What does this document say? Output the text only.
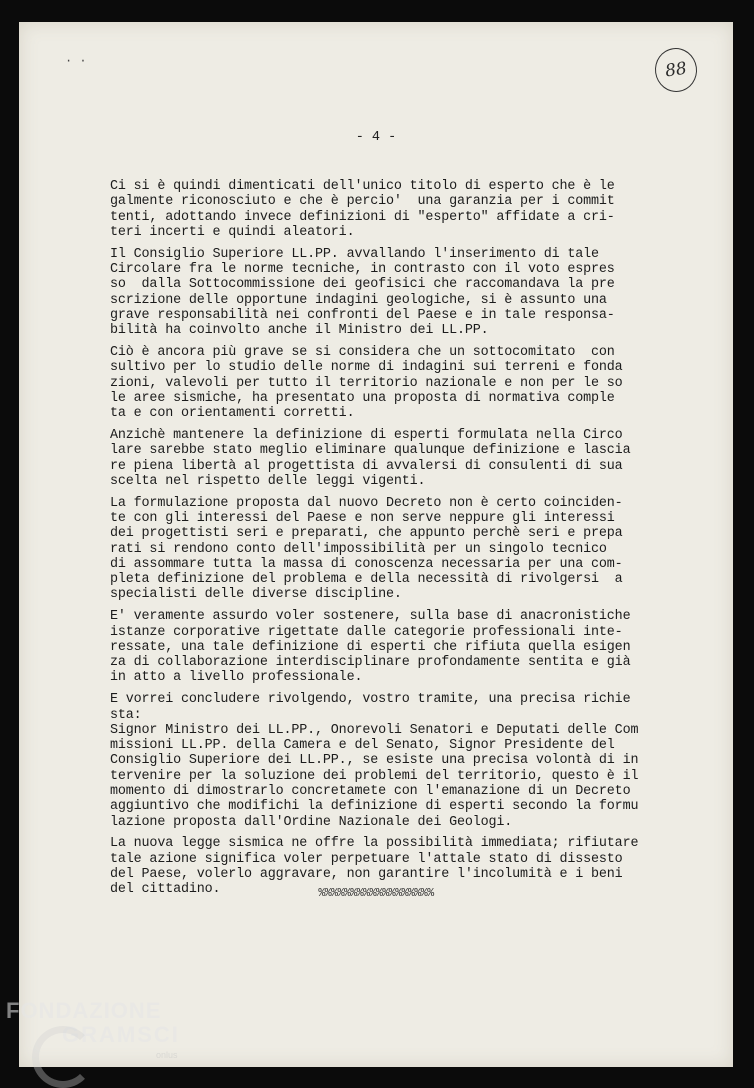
· ·	88
- 4 -
Ci si è quindi dimenticati dell'unico titolo di esperto che è le
galmente riconosciuto e che è percio'  una garanzia per i commit
tenti, adottando invece definizioni di "esperto" affidate a cri-
teri incerti e quindi aleatori.
Il Consiglio Superiore LL.PP. avvallando l'inserimento di tale
Circolare fra le norme tecniche, in contrasto con il voto espres
so  dalla Sottocommissione dei geofisici che raccomandava la pre
scrizione delle opportune indagini geologiche, si è assunto una
grave responsabilità nei confronti del Paese e in tale responsa-
bilità ha coinvolto anche il Ministro dei LL.PP.
Ciò è ancora più grave se si considera che un sottocomitato  con
sultivo per lo studio delle norme di indagini sui terreni e fonda
zioni, valevoli per tutto il territorio nazionale e non per le so
le aree sismiche, ha presentato una proposta di normativa comple
ta e con orientamenti corretti.
Anzichè mantenere la definizione di esperti formulata nella Circo
lare sarebbe stato meglio eliminare qualunque definizione e lascia
re piena libertà al progettista di avvalersi di consulenti di sua
scelta nel rispetto delle leggi vigenti.
La formulazione proposta dal nuovo Decreto non è certo coinciden-
te con gli interessi del Paese e non serve neppure gli interessi
dei progettisti seri e preparati, che appunto perchè seri e prepa
rati si rendono conto dell'impossibilità per un singolo tecnico
di assommare tutta la massa di conoscenza necessaria per una com-
pleta definizione del problema e della necessità di rivolgersi  a
specialisti delle diverse discipline.
E' veramente assurdo voler sostenere, sulla base di anacronistiche
istanze corporative rigettate dalle categorie professionali inte-
ressate, una tale definizione di esperti che rifiuta quella esigen
za di collaborazione interdisciplinare profondamente sentita e già
in atto a livello professionale.
E vorrei concludere rivolgendo, vostro tramite, una precisa richie
sta:
Signor Ministro dei LL.PP., Onorevoli Senatori e Deputati delle Com
missioni LL.PP. della Camera e del Senato, Signor Presidente del
Consiglio Superiore dei LL.PP., se esiste una precisa volontà di in
tervenire per la soluzione dei problemi del territorio, questo è il
momento di dimostrarlo concretamete con l'emanazione di un Decreto
aggiuntivo che modifichi la definizione di esperti secondo la formu
lazione proposta dall'Ordine Nazionale dei Geologi.
La nuova legge sismica ne offre la possibilità immediata; rifiutare
tale azione significa voler perpetuare l'attale stato di dissesto
del Paese, volerlo aggravare, non garantire l'incolumità e i beni
del cittadino.	%%%%%%%%%%%%%%%%%%
FONDAZIONE
GRAMSCI
onlus
